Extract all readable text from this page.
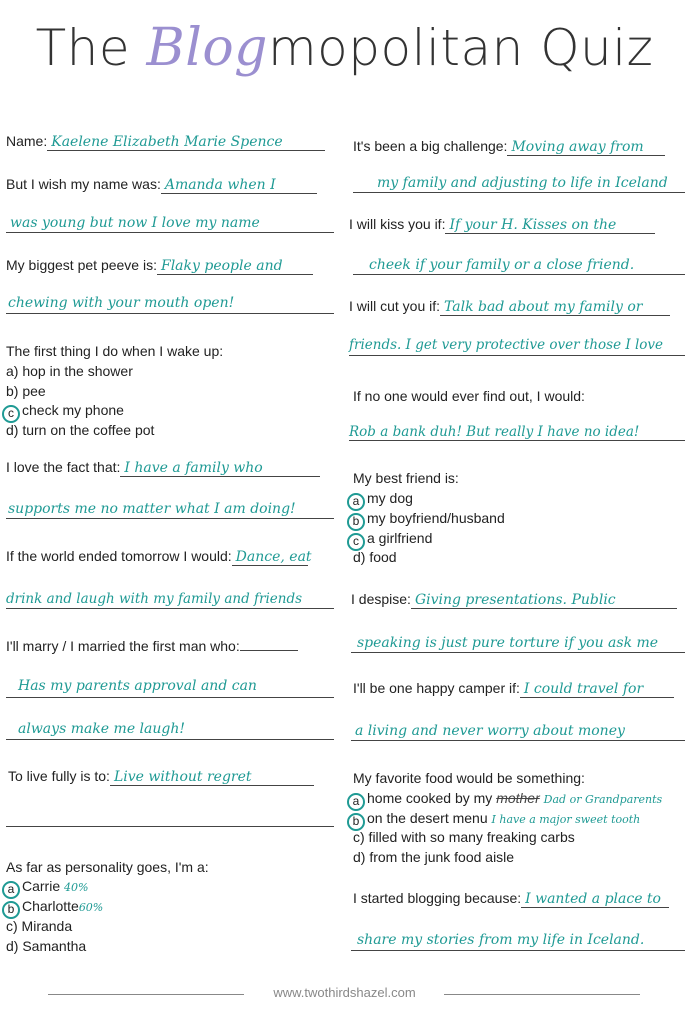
The Blogmopolitan Quiz
Name: Kaelene Elizabeth Marie Spence
But I wish my name was: Amanda when I
was young but now I love my name
My biggest pet peeve is: Flaky people and
chewing with your mouth open!
The first thing I do when I wake up:
a) hop in the shower
b) pee
c check my phone
d) turn on the coffee pot
I love the fact that: I have a family who
supports me no matter what I am doing!
If the world ended tomorrow I would: Dance, eat
drink and laugh with my family and friends
I'll marry / I married the first man who:
Has my parents approval and can
always make me laugh!
To live fully is to: Live without regret
As far as personality goes, I'm a:
a Carrie 40%
b Charlotte60%
c) Miranda
d) Samantha
It's been a big challenge: Moving away from
my family and adjusting to life in Iceland
I will kiss you if: If your H. Kisses on the
cheek if your family or a close friend.
I will cut you if: Talk bad about my family or
friends. I get very protective over those I love
If no one would ever find out, I would:
Rob a bank duh! But really I have no idea!
My best friend is:
a my dog
b my boyfriend/husband
c a girlfriend
d) food
I despise: Giving presentations. Public
speaking is just pure torture if you ask me
I'll be one happy camper if: I could travel for
a living and never worry about money
My favorite food would be something:
a home cooked by my mother Dad or Grandparents
b on the desert menu I have a major sweet tooth
c) filled with so many freaking carbs
d) from the junk food aisle
I started blogging because: I wanted a place to
share my stories from my life in Iceland.
www.twothirdshazel.com
